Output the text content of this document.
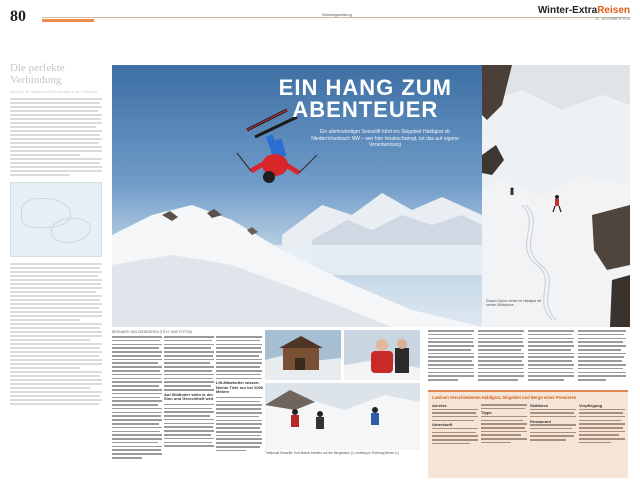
80	Sonntagszeitung	Winter-ExtraReisen
22. NOVEMBER 2015
Die perfekte Verbindung
Airberg, St. Moritz und Ski Amadé in der Schweiz	EIN HANG ZUM
ABENTEUER
Ein altehrwürdiger Sesselift führt ins Skigebiet Haldigrat ob Niederrickenbach NW – wer hier hinabschwingt, tut das auf eigene Verantwortung
Einsam Spuren ziehen im Haldigrat mit seinem Wildschnee
BERNARD VAN DIENDEREN (TEXT UND FOTOS)
Auf Wildhüter steht er der Sinn und Gerechtheit weit
Lift-Mitarbeiter wissen: Nichts Tiefe nur bei 2000 Metern
Treffpunkt Sesselift: Kurt Mathis inmitten auf der Bergstation (l.); Aufstieg in Richtung Brisen (r.)
Lawinen Verschiedenem Haldigrat, Skigebiet und Berge eines Premieren
Anreise
Unterkunft
Tipps
Skifahren
Restaurant
Verpflegung
